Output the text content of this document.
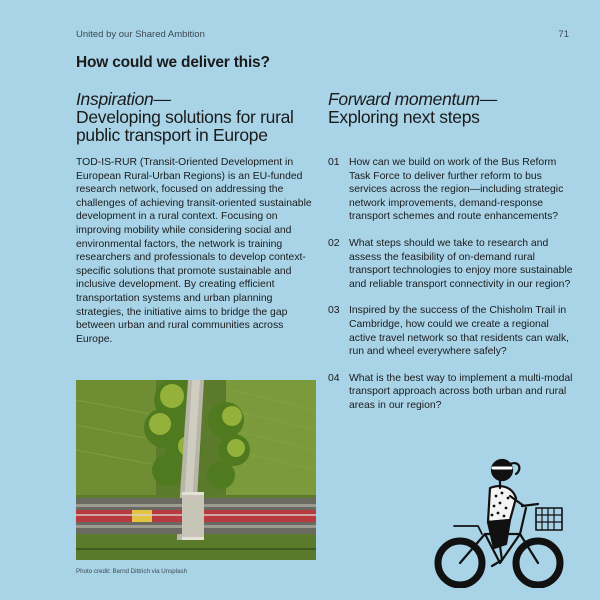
United by our Shared Ambition	71
How could we deliver this?
Inspiration—
Developing solutions for rural public transport in Europe
Forward momentum—
Exploring next steps

TOD-IS-RUR (Transit-Oriented Development in European Rural-Urban Regions) is an EU-funded research network, focused on addressing the challenges of achieving transit-oriented sustainable development in a rural context. Focusing on improving mobility while considering social and environmental factors, the network is training researchers and professionals to develop context-specific solutions that promote sustainable and inclusive development. By creating efficient transportation systems and urban planning strategies, the initiative aims to bridge the gap between urban and rural communities across Europe.

01 How can we build on work of the Bus Reform Task Force to deliver further reform to bus services across the region—including strategic network improvements, demand-response transport schemes and route enhancements?
02 What steps should we take to research and assess the feasibility of on-demand rural transport technologies to enjoy more sustainable and reliable transport connectivity in our region?
03 Inspired by the success of the Chisholm Trail in Cambridge, how could we create a regional active travel network so that residents can walk, run and wheel everywhere safely?
04 What is the best way to implement a multi-modal transport approach across both urban and rural areas in our region?
Photo credit: Bernd Dittrich via Unsplash
